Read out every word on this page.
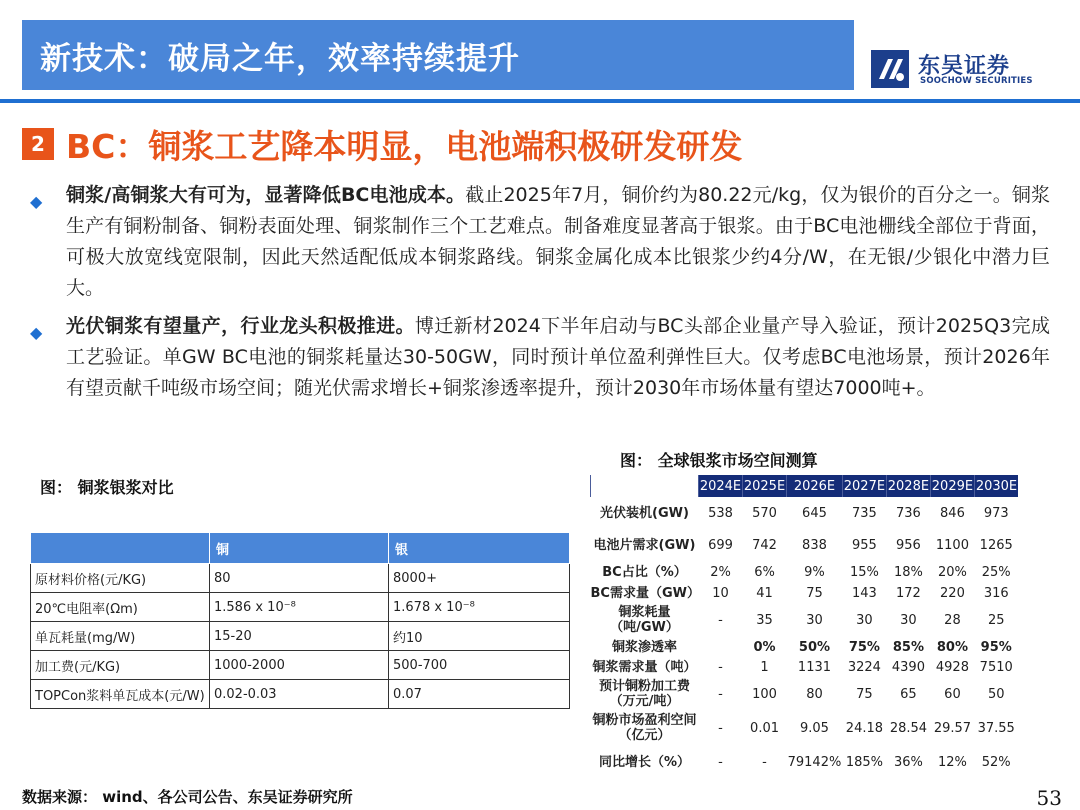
新技术：破局之年，效率持续提升	东吴证券
SOOCHOW SECURITIES
2 BC：铜浆工艺降本明显，电池端积极研发研发
◆ 铜浆/高铜浆大有可为，显著降低BC电池成本。截止2025年7月，铜价约为80.22元/kg，仅为银价的百分之一。铜浆生产有铜粉制备、铜粉表面处理、铜浆制作三个工艺难点。制备难度显著高于银浆。由于BC电池栅线全部位于背面，可极大放宽线宽限制，因此天然适配低成本铜浆路线。铜浆金属化成本比银浆少约4分/W，在无银/少银化中潜力巨大。

◆ 光伏铜浆有望量产，行业龙头积极推进。博迁新材2024下半年启动与BC头部企业量产导入验证，预计2025Q3完成工艺验证。单GW BC电池的铜浆耗量达30-50GW，同时预计单位盈利弹性巨大。仅考虑BC电池场景，预计2026年有望贡献千吨级市场空间；随光伏需求增长+铜浆渗透率提升，预计2030年市场体量有望达7000吨+。

图： 铜浆银浆对比
图： 全球银浆市场空间测算
	铜	银
原材料价格(元/KG)	80	8000+
20℃电阻率(Ωm)	1.586 x 10⁻⁸	1.678 x 10⁻⁸
单瓦耗量(mg/W)	15-20	约10
加工费(元/KG)	1000-2000	500-700
TOPCon浆料单瓦成本(元/W)	0.02-0.03	0.07
	2024E	2025E	2026E	2027E	2028E	2029E	2030E
光伏装机(GW)	538	570	645	735	736	846	973
电池片需求(GW)	699	742	838	955	956	1100	1265
BC占比（%）	2%	6%	9%	15%	18%	20%	25%
BC需求量（GW）	10	41	75	143	172	220	316
铜浆耗量（吨/GW）	-	35	30	30	30	28	25
铜浆渗透率		0%	50%	75%	85%	80%	95%
铜浆需求量（吨）	-	1	1131	3224	4390	4928	7510
预计铜粉加工费（万元/吨）	-	100	80	75	65	60	50
铜粉市场盈利空间（亿元）	-	0.01	9.05	24.18	28.54	29.57	37.55
同比增长（%）	-	-	79142%	185%	36%	12%	52%
数据来源： wind、各公司公告、东吴证券研究所	53
